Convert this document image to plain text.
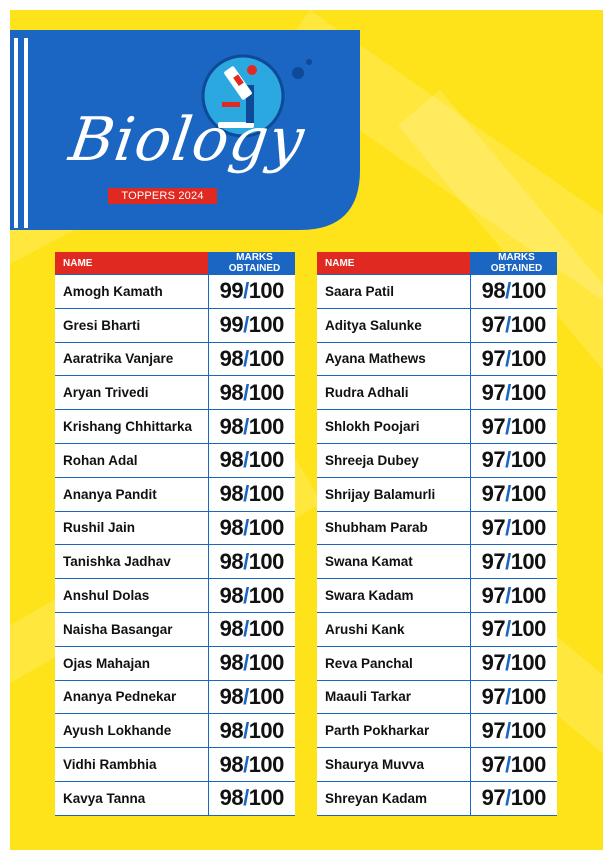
Biology
TOPPERS 2024
NAME	MARKS OBTAINED
Amogh Kamath	99/100
Gresi Bharti	99/100
Aaratrika Vanjare	98/100
Aryan Trivedi	98/100
Krishang Chhittarka	98/100
Rohan Adal	98/100
Ananya Pandit	98/100
Rushil Jain	98/100
Tanishka Jadhav	98/100
Anshul Dolas	98/100
Naisha Basangar	98/100
Ojas Mahajan	98/100
Ananya Pednekar	98/100
Ayush Lokhande	98/100
Vidhi Rambhia	98/100
Kavya Tanna	98/100
NAME	MARKS OBTAINED
Saara Patil	98/100
Aditya Salunke	97/100
Ayana Mathews	97/100
Rudra Adhali	97/100
Shlokh Poojari	97/100
Shreeja Dubey	97/100
Shrijay Balamurli	97/100
Shubham Parab	97/100
Swana Kamat	97/100
Swara Kadam	97/100
Arushi Kank	97/100
Reva Panchal	97/100
Maauli Tarkar	97/100
Parth Pokharkar	97/100
Shaurya Muvva	97/100
Shreyan Kadam	97/100
